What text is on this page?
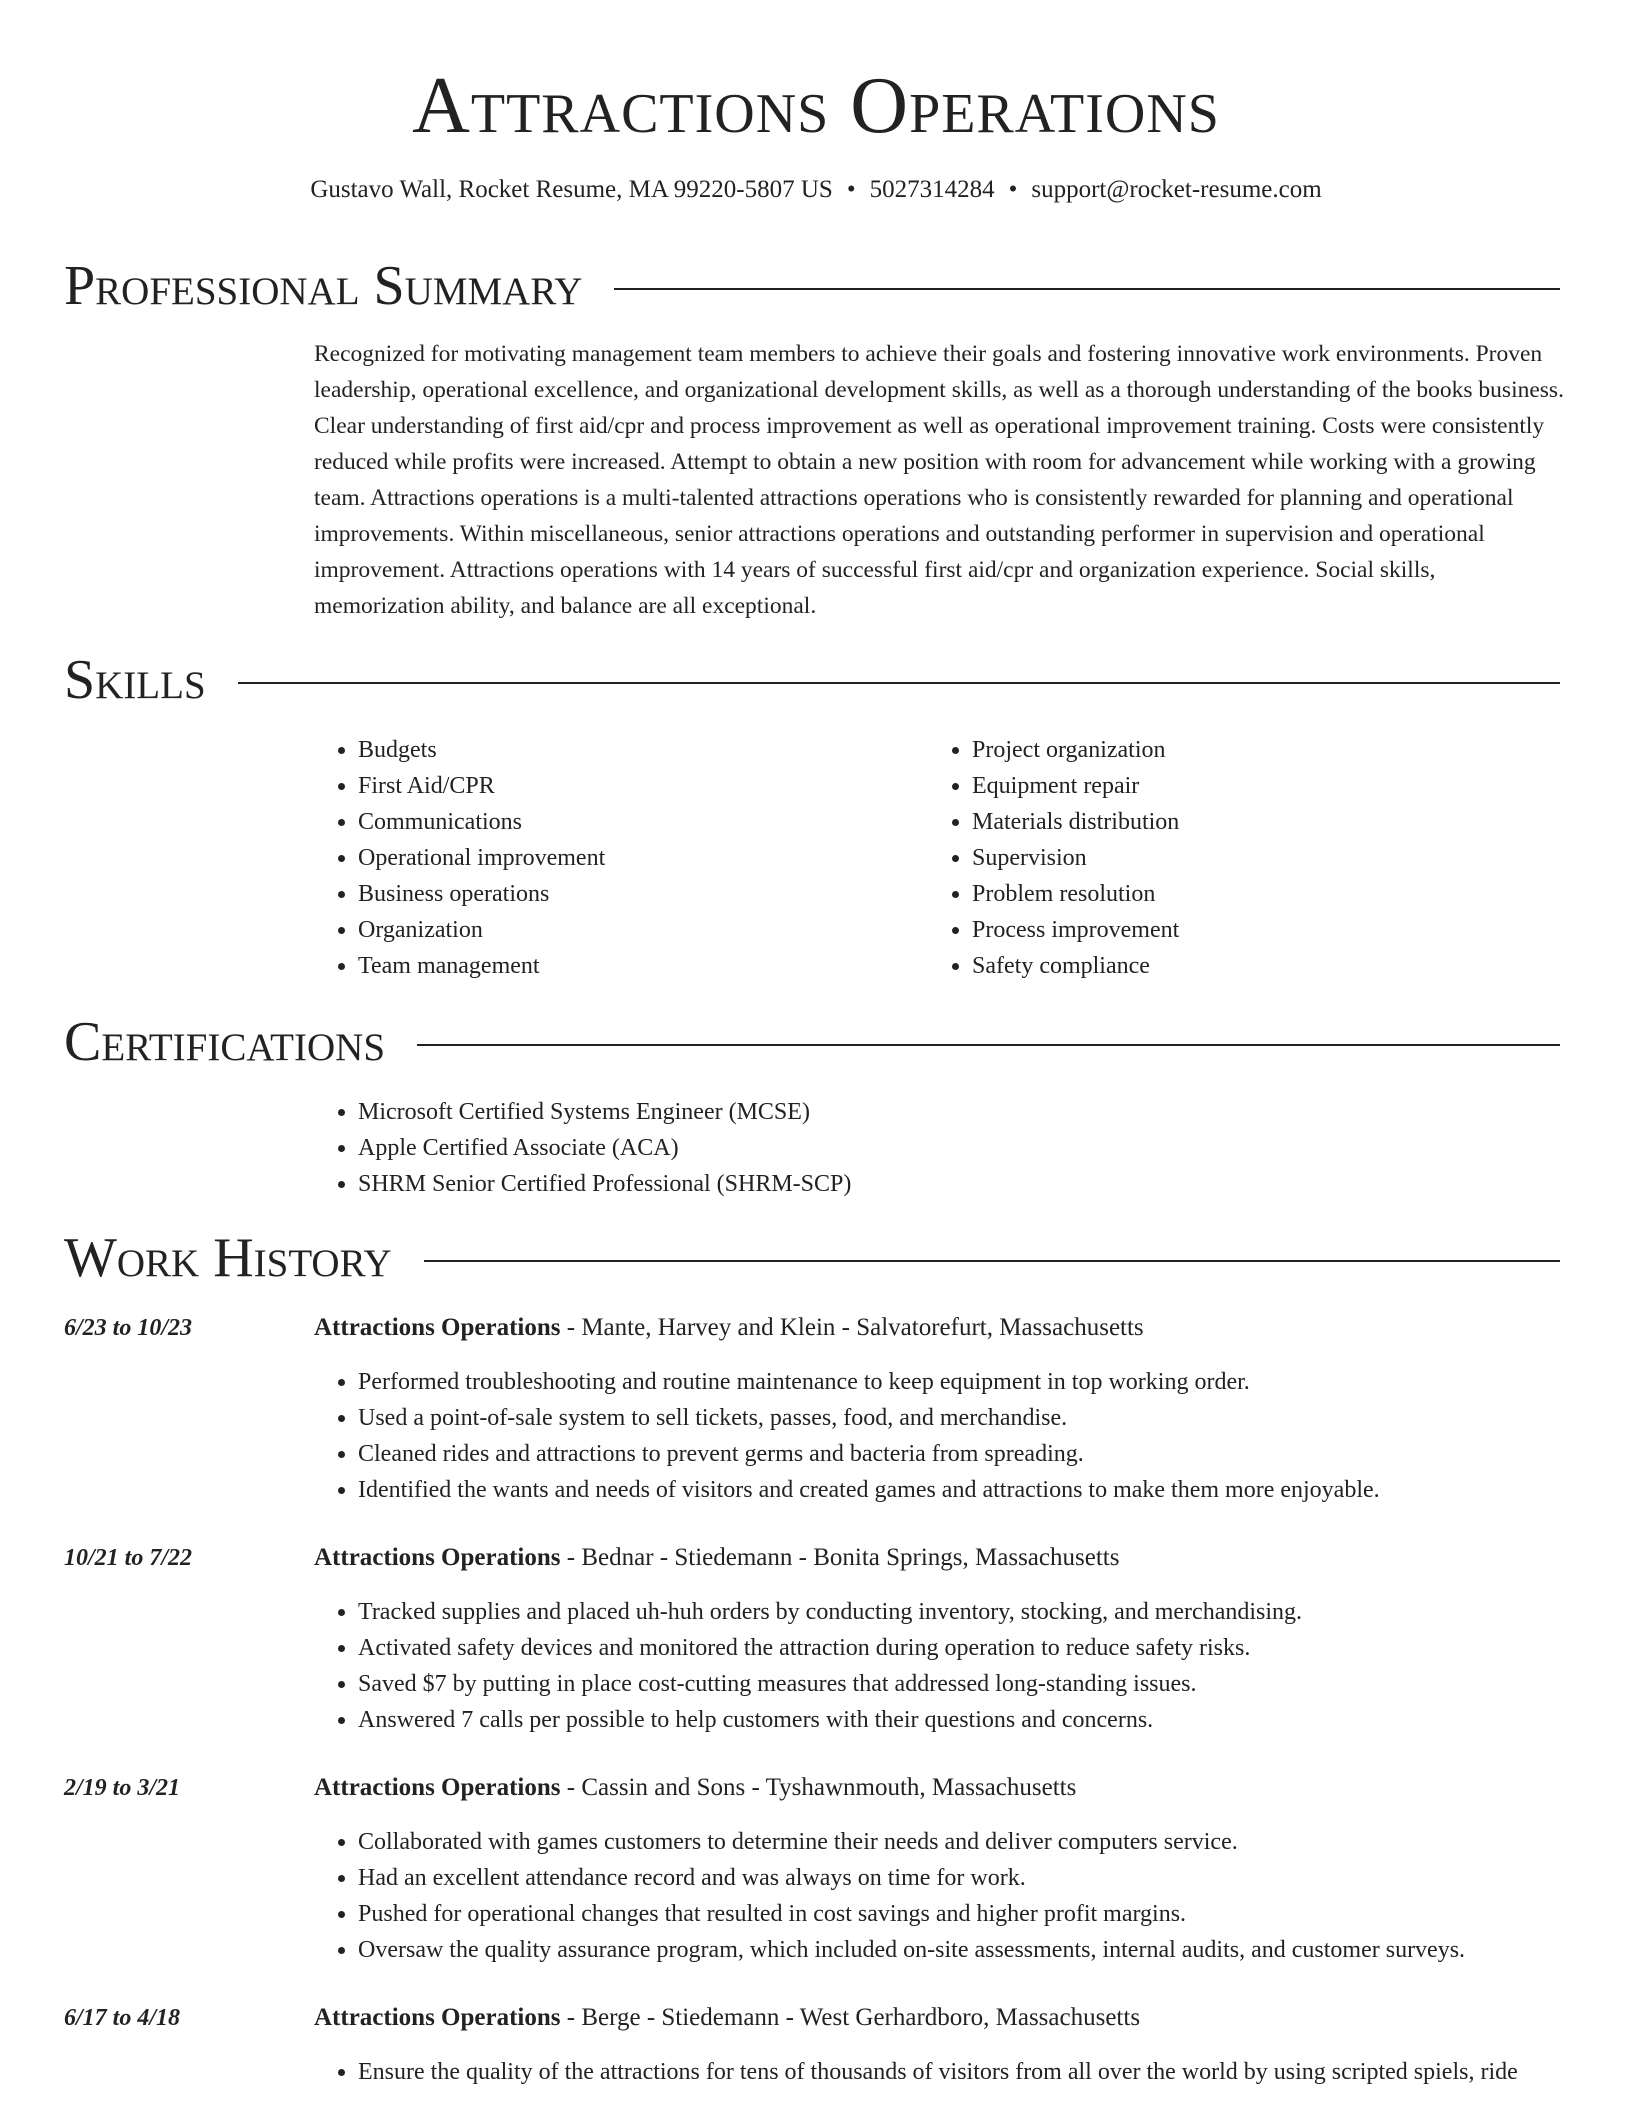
Attractions Operations
Gustavo Wall, Rocket Resume, MA 99220-5807 US • 5027314284 • support@rocket-resume.com
Professional Summary

Recognized for motivating management team members to achieve their goals and fostering innovative work environments. Proven leadership, operational excellence, and organizational development skills, as well as a thorough understanding of the books business. Clear understanding of first aid/cpr and process improvement as well as operational improvement training. Costs were consistently reduced while profits were increased. Attempt to obtain a new position with room for advancement while working with a growing team. Attractions operations is a multi-talented attractions operations who is consistently rewarded for planning and operational improvements. Within miscellaneous, senior attractions operations and outstanding performer in supervision and operational improvement. Attractions operations with 14 years of successful first aid/cpr and organization experience. Social skills, memorization ability, and balance are all exceptional.

Skills
• Budgets
• First Aid/CPR
• Communications
• Operational improvement
• Business operations
• Organization
• Team management
• Project organization
• Equipment repair
• Materials distribution
• Supervision
• Problem resolution
• Process improvement
• Safety compliance
Certifications
• Microsoft Certified Systems Engineer (MCSE)
• Apple Certified Associate (ACA)
• SHRM Senior Certified Professional (SHRM-SCP)
Work History
6/23 to 10/23	Attractions Operations - Mante, Harvey and Klein - Salvatorefurt, Massachusetts
• Performed troubleshooting and routine maintenance to keep equipment in top working order.
• Used a point-of-sale system to sell tickets, passes, food, and merchandise.
• Cleaned rides and attractions to prevent germs and bacteria from spreading.
• Identified the wants and needs of visitors and created games and attractions to make them more enjoyable.
10/21 to 7/22	Attractions Operations - Bednar - Stiedemann - Bonita Springs, Massachusetts
• Tracked supplies and placed uh-huh orders by conducting inventory, stocking, and merchandising.
• Activated safety devices and monitored the attraction during operation to reduce safety risks.
• Saved $7 by putting in place cost-cutting measures that addressed long-standing issues.
• Answered 7 calls per possible to help customers with their questions and concerns.
2/19 to 3/21	Attractions Operations - Cassin and Sons - Tyshawnmouth, Massachusetts
• Collaborated with games customers to determine their needs and deliver computers service.
• Had an excellent attendance record and was always on time for work.
• Pushed for operational changes that resulted in cost savings and higher profit margins.
• Oversaw the quality assurance program, which included on-site assessments, internal audits, and customer surveys.
6/17 to 4/18	Attractions Operations - Berge - Stiedemann - West Gerhardboro, Massachusetts
• Ensure the quality of the attractions for tens of thousands of visitors from all over the world by using scripted spiels, ride
